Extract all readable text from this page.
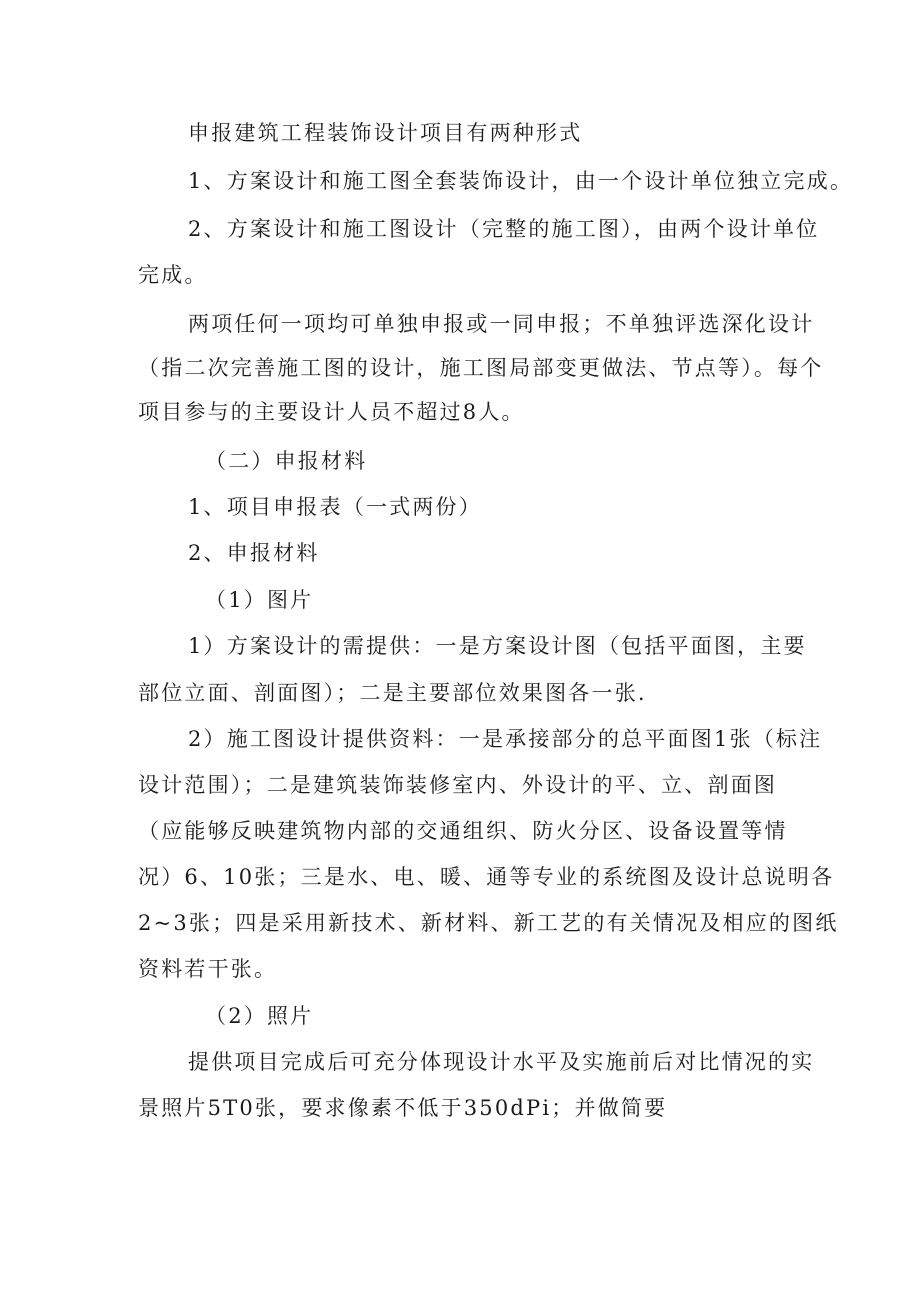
申报建筑工程装饰设计项目有两种形式
1、方案设计和施工图全套装饰设计，由一个设计单位独立完成。
2、方案设计和施工图设计（完整的施工图），由两个设计单位
完成。
两项任何一项均可单独申报或一同申报；不单独评选深化设计
（指二次完善施工图的设计，施工图局部变更做法、节点等）。每个
项目参与的主要设计人员不超过8人。
（二）申报材料
1、项目申报表（一式两份）
2、申报材料
（1）图片
1）方案设计的需提供：一是方案设计图（包括平面图，主要
部位立面、剖面图）；二是主要部位效果图各一张.
2）施工图设计提供资料：一是承接部分的总平面图1张（标注
设计范围）；二是建筑装饰装修室内、外设计的平、立、剖面图
（应能够反映建筑物内部的交通组织、防火分区、设备设置等情
况）6、10张；三是水、电、暖、通等专业的系统图及设计总说明各
2~3张；四是采用新技术、新材料、新工艺的有关情况及相应的图纸
资料若干张。
（2）照片
提供项目完成后可充分体现设计水平及实施前后对比情况的实
景照片5T0张，要求像素不低于350dPi；并做简要
